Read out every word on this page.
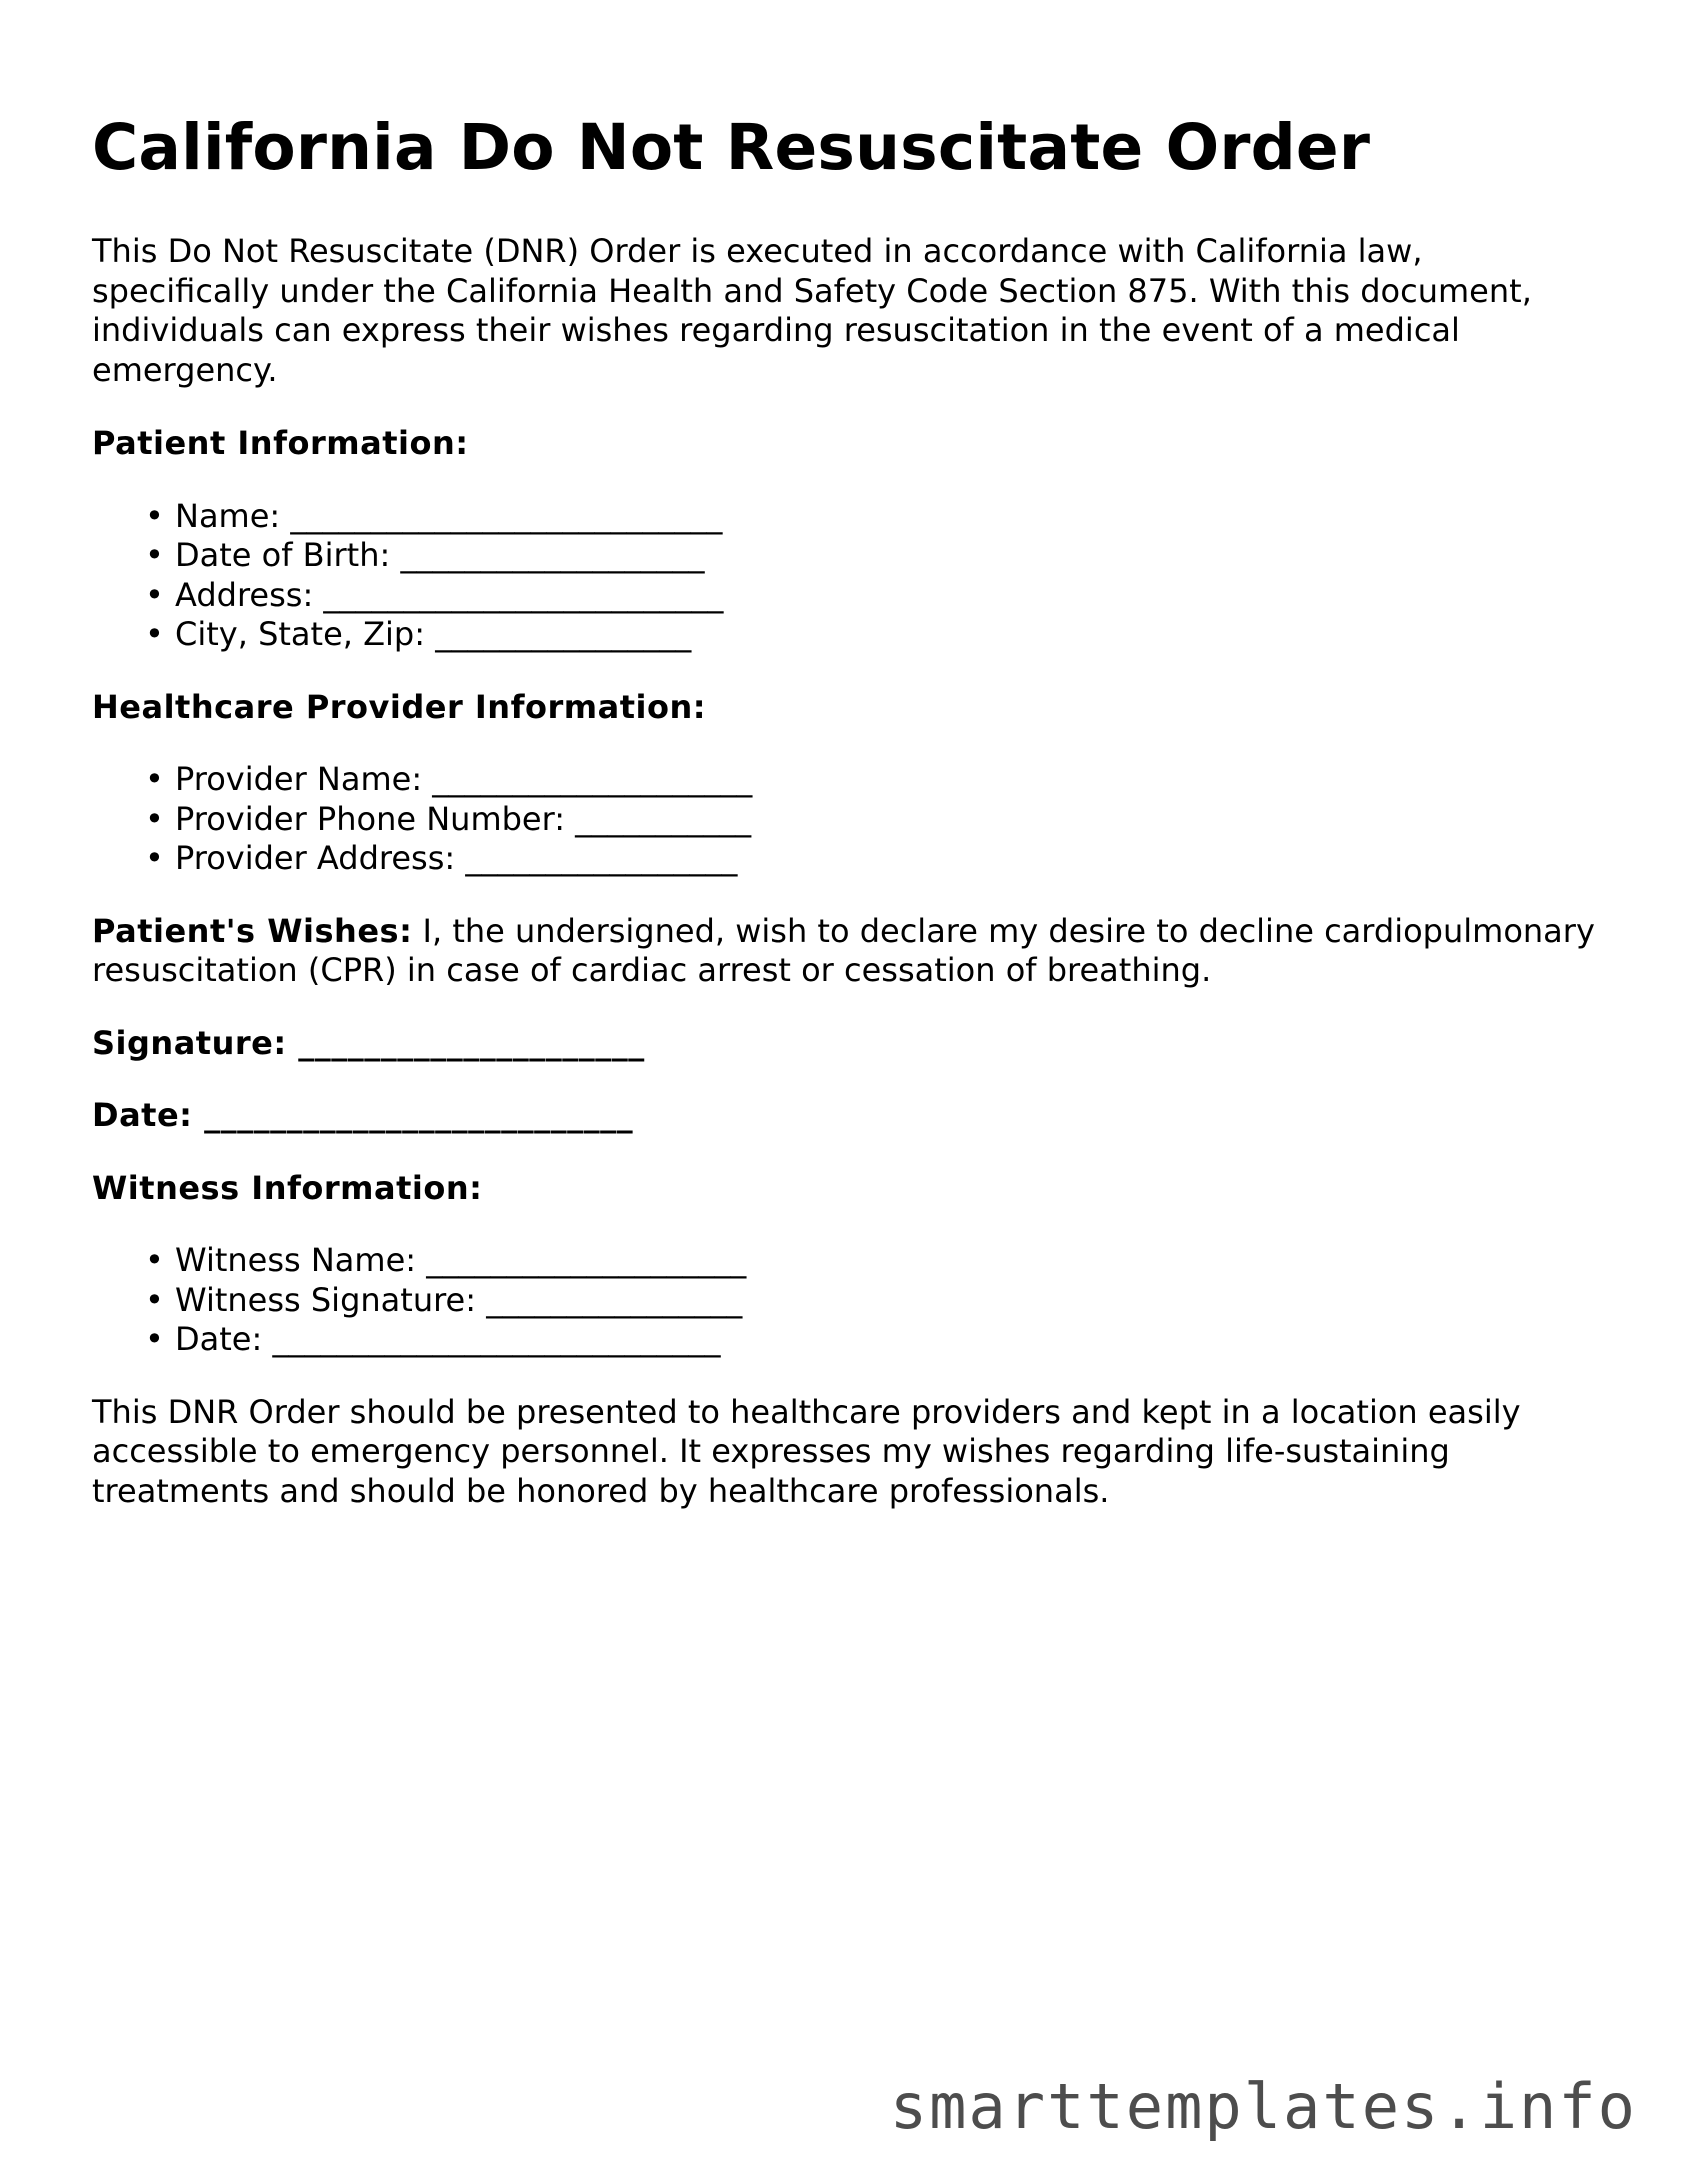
California Do Not Resuscitate Order

This Do Not Resuscitate (DNR) Order is executed in accordance with California law, specifically under the California Health and Safety Code Section 875. With this document, individuals can express their wishes regarding resuscitation in the event of a medical emergency.

Patient Information:
• Name: ___________________________
• Date of Birth: ___________________
• Address: _________________________
• City, State, Zip: ________________
Healthcare Provider Information:
• Provider Name: ____________________
• Provider Phone Number: ___________
• Provider Address: _________________

Patient's Wishes: I, the undersigned, wish to declare my desire to decline cardiopulmonary resuscitation (CPR) in case of cardiac arrest or cessation of breathing.

Signature: _____________________
Date: __________________________
Witness Information:
• Witness Name: ____________________
• Witness Signature: ________________
• Date: ____________________________

This DNR Order should be presented to healthcare providers and kept in a location easily accessible to emergency personnel. It expresses my wishes regarding life-sustaining treatments and should be honored by healthcare professionals.

smarttemplates.info
